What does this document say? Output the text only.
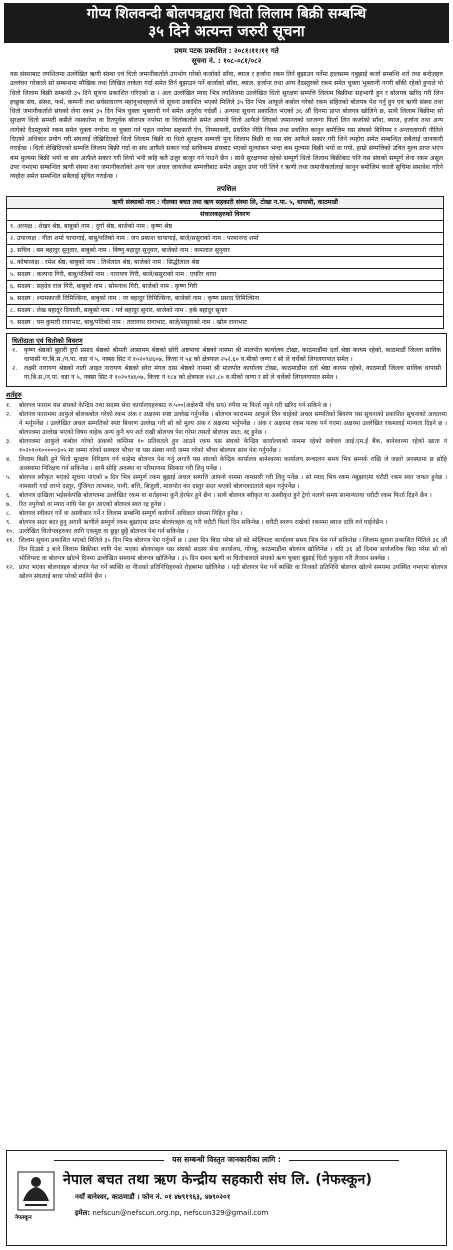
गोप्य शिलवन्दी बोलपत्रद्वारा धितो लिलाम बिक्री सम्बन्धि
३५ दिने अत्यन्त जरुरी सूचना
प्रथम पटक प्रकाशित : २०८१।११।११ गते
सूचना नं. : १०८-०८१/०८२
यस संस्थाबाट तपशिलमा उल्लेखित ऋणी संस्था एवं धितो जमानीकर्ताले उपभोग गरेको कर्जाको साँवा, ब्याज र हर्जाना रकम तिर्न बुझाउन पर्नेमा हालसम्म नबुझाई कर्जा सम्बन्धि शर्त तथा बन्देजहरु उल्लंघन गरेकाले सो सम्बन्धमा मौखिक तथा लिखित ताकेता गर्दा समेत तिर्न बुझाउन पर्ने कर्जाको साँवा, ब्याज, हर्जाना तथा अन्य दैदस्तुरको रकम समेत चुक्ता भुक्तानी नगरी बाँकी रहेको हुनाले यो धितो लिलाम बिक्री सम्बन्धी ३५ दिने सूचना प्रकाशित गरिएको छ । अतः उल्लेखित म्याद भित्र तपशिलमा उल्लेखित धितो सुरक्षण सम्पत्ति लिलाम बिक्रीमा सहभागी हुन र बोलपत्र खरिद गरी लिन इच्छुक संघ, संस्था, फर्म, कम्पनी तथा सर्वसाधारण महानुभावहरुले यो सूचना प्रकाशित भएको मितिले ३५ दिन भित्र आफूले कबोल गरेको रकम सहितको बोलपत्र पेश गर्नु हुन एवं ऋणी संस्था तथा धितो जमानीकर्ताले संघको लेना रकम ३५ दिन भित्र चुक्ता भुक्तानी गर्न समेत अनुरोध गर्दछौं । अन्यथा सूचना प्रकाशित भएको ३६ औं दिनमा प्राप्त बोलपत्र खोलिने छ, साथै लिलाम बिक्रीमा सो सुरक्षण धितो सम्पती कसैले नसकारेमा वा रितपूर्वक बोलपत्र नपरेमा वा धितोकर्ताले समेत आफ्नो धितो आफैले लिएको जमानतको धरजग्गा फिर्ता लिन कर्जाको साँवा, ब्याज, हर्जाना तथा अन्य लागेको दैदस्तुरको रकम समेत चुक्ता नगरेमा वा चुक्ता गर्न पहल नगरेमा सहकारी ऐन, नियमावली, प्रचलित नीति नियम तथा प्रचलित कानुन बमोजिम यस संघको बिनियम र अन्तरलागनी नीतिले दिएको अधिकार प्रयोग गरी संघलाई लेखिदिएको धितो लिलाम बिक्री वा धितो सुरक्षण सम्पत्ती पुनः लिलाम बिक्री वा यस संघ आफैले सकार गरी लिने व्यहोरा समेत सम्बन्धित सबैलाई जानकारी गराईन्छ । धितो लेखिदिएको सम्पत्ति लिलाम बिक्री गर्दा वा संघ आफैले सकार गर्दा साविकमा संघबाट भएको मुल्यांकन भन्दा कम मुल्यमा बिक्री भयो वा गयो, हाम्रो सम्पत्तिको उचित मुल्य प्राप्त भएन कम मुल्यमा बिक्री भयो वा संघ आफैले सकार गरी लियो भनी कहि कतै उजुर बाजुर गर्न पाउने छैन । साथै सुरक्षणमा रहेको सम्पूर्ण धितो लिलाम बिक्रीबाट पनि यस संघको सम्पूर्ण लेना रकम असुल उपर नभएमा सम्बन्धित ऋणी संस्था तथा जमानीकर्ताको अन्य चल अचल जायजेथा सम्पत्तीबाट समेत असुल उपर गरी लिने र ऋणी तथा जमानीकर्तालाई कानुन बमोजिम कालो सुचिमा समावेश गरिने व्यहोरा समेत सम्बन्धित सबैलाई सुचित गराईन्छ ।
तपशिल
ऋणी संस्थाको नाम : नीलका बचत तथा ऋण सहकारी संस्था लि, टोखा न.पा. ५, धापासी, काठमाडौं
संचालकहरुको विवरण
१. अध्यक्ष : शेखर श्रेष्ठ, बाबुको नाम : दुर्गा श्रेष्ठ, बाजेको नाम : कृष्ण श्रेष्ठ
२. उपाध्यक्ष : गीता शर्मा चापागाई, बाबु/पतिको नाम : जन प्रकाश चापागाई, बाजे/ससुराको नाम : परमानन्द शर्मा
३. सचिव : बम बहादुर सुनुवार, बाबुको नाम : बिष्णु बहादुर सुनुवार, बाजेको नाम : कमलाल सुनुवार
४. कोषाध्यक्ष : रमेश श्रेष्ठ, बाबुको नाम : तिर्थलाल श्रेष्ठ, बाजेको नाम : सिद्धीलाल श्रेष्ठ
५. सदस्य : कल्पना गिरी, बाबु/पतिको नाम : नारायण गिरी, बाजे/ससुराको नाम : एघरिर थापा
६. सदस्य : सहदेव राज गिरी, बाबुको नाम : सोमनाथ गिरी, बाजेको नाम : कृष्ण गिरी
७. सदस्य : श्यामकाजी तिमिल्सिना, बाबुको नाम : नर बहादुर तिमिल्सिना, बाजेको नाम : कृष्ण प्रसाद तिमिल्सिना
८. सदस्य : लेख बहादुर दियाली, बाबुको नाम : पर्व बहादुर सुनार, बाजेको नाम : हर्क बहादुर सुनार
९. सदस्य : यम कुमारी रानाभाट, बाबु/पतिको नाम : तारानाथ रानाभाट, बाजे/ससुराको नाम : खोम रानाभाट
धितोदाता एवं धितोको विवरण
१.	कृष्ण श्रेष्ठको बुहारी दुर्गा प्रसाद श्रेष्ठको श्रीमती आसामम श्रेष्ठको छोरी अष्टमाया श्रेष्ठको नाममा श्री मालपोत कार्यालय टोखा, काठमाडौंमा दर्ता श्रेष्ठा कायम रहेको, काठमाडौं जिल्ला साविक धापासी गा.बि.स./न.पा. वडा नं ५, नक्सा सिट नं १०२०९४६०७, कित्ता नं ५४ को क्षेत्रफल २५२.६० व.मीको जग्गा र सो ले चर्चेको लिगलगापात समेत ।
२.	लक्ष्मी नारायण श्रेष्ठको नाती आइत नारायण श्रेष्ठको छोरा मंगल दास श्रेष्ठको नाममा श्री मालपोत कार्यालय टोखा, काठमाडौंमा दर्ता श्रेष्ठा कायम रहेको, काठमाडौं जिल्ला साविक धापासी गा.बि.स./न.पा. वडा नं ५, नक्सा सिट नं १०२०९४६०७, कित्ता नं १८४ को क्षेत्रफल १४२.८० व.मीको जग्गा र सो ले चर्चेको लिगलगापात समेत ।
शर्तहरु
१.	बोलपत्र फाराम यस संघको केन्द्रिय तथा सदस्य सेवा कार्यालयहरुबाट रु.५००(अक्षेरुपी पाँच सय) रुपैया मा फिर्ता नहुने गरी खरिद गर्न सकिने छ ।
२.	बोलपत्र फाराममा आफुले बोलकबोल गरेको रकम अंक र अक्षरमा स्पष्ट उल्लेख गर्नुपर्नेछ । बोलपत्र फाराममा आफुले लिन चाहेको अचल सम्पतिको बिवरण यस सूचनाको प्रकाशित सूचनाको आधारमा ने भर्नुपर्नेछ । उल्लेखित अचल सम्पतिको स्पष्ट बिवरण उल्लेख गरी सो को मूल्य अंक र अक्षरमा भर्नुपर्नेछ । अंक र अक्षरमा रकम फरक पर्न गएमा अक्षरमा उल्लेखित रकमलाई मान्यता दिइने छ । बोलपत्रमा उल्लेख भएको विषय वाहेक अन्य कुनै थप शर्त राखी बोलपत्र पेश गरेमा त्यस्तो बोलपत्र स्वत: रद्द हुनेछ ।
३.	बोलपत्रमा आफुले कबोल गरेको अंकको कम्तिमा १० प्रतिशतले हुन आउने रकम यस संघको केन्द्रिय कार्यालयको नाममा रहेको स्लोवल आई.एम.ई बैंक, बानेश्वरमा रहेको खाता नं १०२०१०१०००००३०५ मा जम्मा गरेको सक्कल भौचर वा यस संस्था नगदै जम्मा गरेको भौचर बोलपत्र साथ पेश गर्नुपर्नेछ ।
४.	लिलाम बिक्री हुने धितो सुरक्षण निरिक्षण गर्न चाहेमा बोलपत्र पेश गर्नु अगावै यस संघको केन्द्रिय कार्यालय बानेश्वरमा कार्यालय सन्चालन समय भित्र सम्पर्क राखि जे जस्तो अवस्थामा छ सोहि अवस्थामा निरिक्षण गर्न सकिनेछ । साथै सोहि अवस्था वा परिमाणमा स्विकार गरी लिनु पर्नेछ ।
५.	बोलपत्र स्वीकृत भएको सूचना पाएको ७ दिन भित्र सम्पुर्ण रकम बुझाई अचल सम्पत्ति आफ्नो नाममा नामसारी गरी लिनु पर्नेछ । सो म्याद भित्र रकम नबुझाएमा धरौटी रकम स्वत जफत हुनेछ । नामसारी गर्दा लाग्ने दस्तुर, पुँजिगत लाभकर, पानी, बत्ति, बिजुली, मालपोत कर दस्तुर सदर भएको बोलपत्रदाताले बहन गर्नुपर्नेछ ।
६.	बोलपत्र दाखिला भईसकेपछि बोलपत्रमा उल्लेखित रकम वा शर्तहरुमा कुनै हेरफेर हुने छैन । साथै बोलपत्र स्वीकृत या अस्वीकृत हुने ट्रेगो नलागे समय सामान्यतया धरौटी रकम फिर्ता दिइने छैन ।
७.	रित नपुगेको वा म्याद नाघि पेश हुन आएको बोलपत्र स्वत रद्द हुनेछ ।
८.	बोलपत्र स्वीकार गर्ने वा अस्वीकार गर्ने र लिलाम सम्बन्धि सम्पुर्ण कार्यगर्ने अधिकार संघमा निहित हुनेछ ।
९.	बोलपत्र सदर बदर हुनु अगावै ऋणीले सम्पुर्ण रकम बुझाएमा प्राप्त बोलपत्रहरु रद्द गरी धरौटी फिर्ता दिन सकिनेछ । धरौटी स्वरुप राखेको रकममा ब्याज दावि गर्न पाईनेछैन ।
१०. उल्लेखित धितोपत्रहरुका लागि एकमुष्ट वा छुट्टा छुट्टै बोलपत्र पेश गर्न सकिनेछ ।
११. लिलाम सूचना प्रकाशित भएको मितिले ३५ दिन भित्र बोलपत्र पेश गर्नुपर्ने छ । उक्त दिन बिदा परेमा सो को भोलिपल्ट कार्यालय समय भित्र पेश गर्न सकिनेछ । लिलाम सूचना प्रकाशित मितिले ३६ औं दिन दिउसो ३ बजे लिलाम बिक्रीका लागि पेश भएका बोलपत्रहरु यस संघको सदस्य सेवा कार्यालय, गोंगबु, काठमाडौंमा बोलपत्र खोलिनेछ । यदि ३६ औं दिनमा सार्वजनिक बिदा परेमा सो को भोलिपल्ट वा बोलपत्र खोल्ने दिनमा उल्लेखित समयमा बोलपत्र खोलिनेछ । ३५ दिन समय ऋणी वा धितोवालाले संघको ऋण चुक्ता बुझाई धितो फुकुवा गरी लैजान सक्नेछ ।
१२. प्राप्त भएका बोलपत्रहरु बोलपत्र पेश गर्ने ब्यक्ति वा नीजको प्रतिनिधिहरुको रोहबरमा खोलिनेछ । यदी बोलपत्र पेश गर्ने ब्यक्ति वा निजको प्रतिनिधि बोलपत्र खोल्ने समयमा उपस्थित नभएमा बोलपत्र खोल्न संघलाई बाधा परेको मानिने छैन ।
यस सम्बन्धी विस्तृत जानकारीका लागि :
नेफस्कून
नेपाल बचत तथा ऋण केन्द्रीय सहकारी संघ लि. (नेफस्कून)
नयाँ बानेश्वर, काठमाडौं । फोन नं. ०१ ४७९१९६३, ४७९०२०१
इमेल: nefscun@nefscun.org.np, nefscun329@gmail.com
